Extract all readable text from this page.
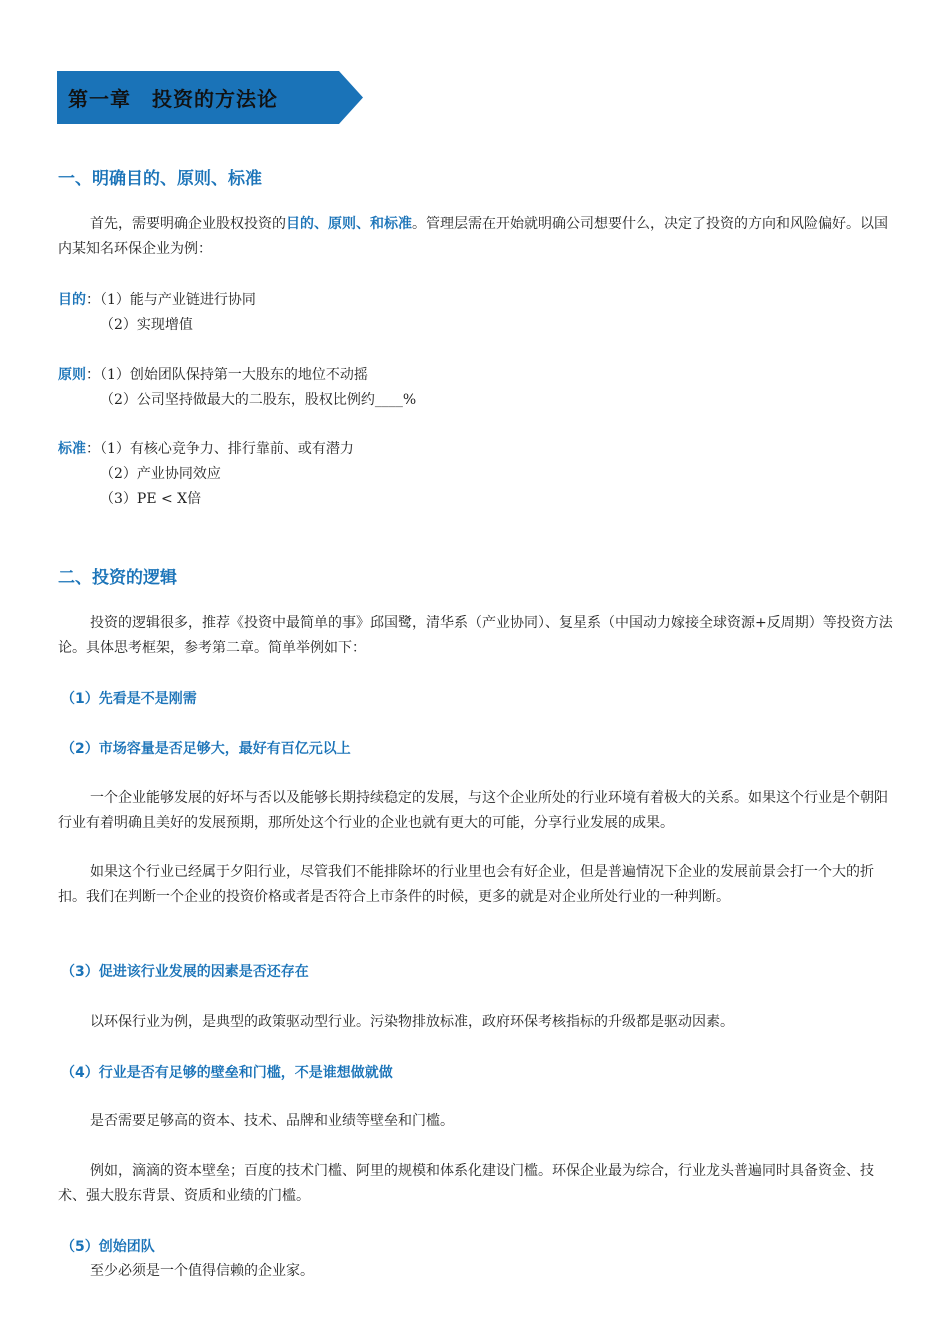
第一章　投资的方法论
一、明确目的、原则、标准
首先，需要明确企业股权投资的目的、原则、和标准。管理层需在开始就明确公司想要什么，决定了投资的方向和风险偏好。以国内某知名环保企业为例：
目的：（1）能与产业链进行协同
（2）实现增值
原则：（1）创始团队保持第一大股东的地位不动摇
（2）公司坚持做最大的二股东，股权比例约____%
标准：（1）有核心竞争力、排行靠前、或有潜力
（2）产业协同效应
（3）PE < X倍
二、投资的逻辑
投资的逻辑很多，推荐《投资中最简单的事》邱国鹭，清华系（产业协同）、复星系（中国动力嫁接全球资源+反周期）等投资方法论。具体思考框架，参考第二章。简单举例如下：
（1）先看是不是刚需
（2）市场容量是否足够大，最好有百亿元以上
一个企业能够发展的好坏与否以及能够长期持续稳定的发展，与这个企业所处的行业环境有着极大的关系。如果这个行业是个朝阳行业有着明确且美好的发展预期，那所处这个行业的企业也就有更大的可能，分享行业发展的成果。
如果这个行业已经属于夕阳行业，尽管我们不能排除坏的行业里也会有好企业，但是普遍情况下企业的发展前景会打一个大的折扣。我们在判断一个企业的投资价格或者是否符合上市条件的时候，更多的就是对企业所处行业的一种判断。
（3）促进该行业发展的因素是否还存在
以环保行业为例，是典型的政策驱动型行业。污染物排放标准，政府环保考核指标的升级都是驱动因素。
（4）行业是否有足够的壁垒和门槛，不是谁想做就做
是否需要足够高的资本、技术、品牌和业绩等壁垒和门槛。
例如，滴滴的资本壁垒；百度的技术门槛、阿里的规模和体系化建设门槛。环保企业最为综合，行业龙头普遍同时具备资金、技术、强大股东背景、资质和业绩的门槛。
（5）创始团队
至少必须是一个值得信赖的企业家。
